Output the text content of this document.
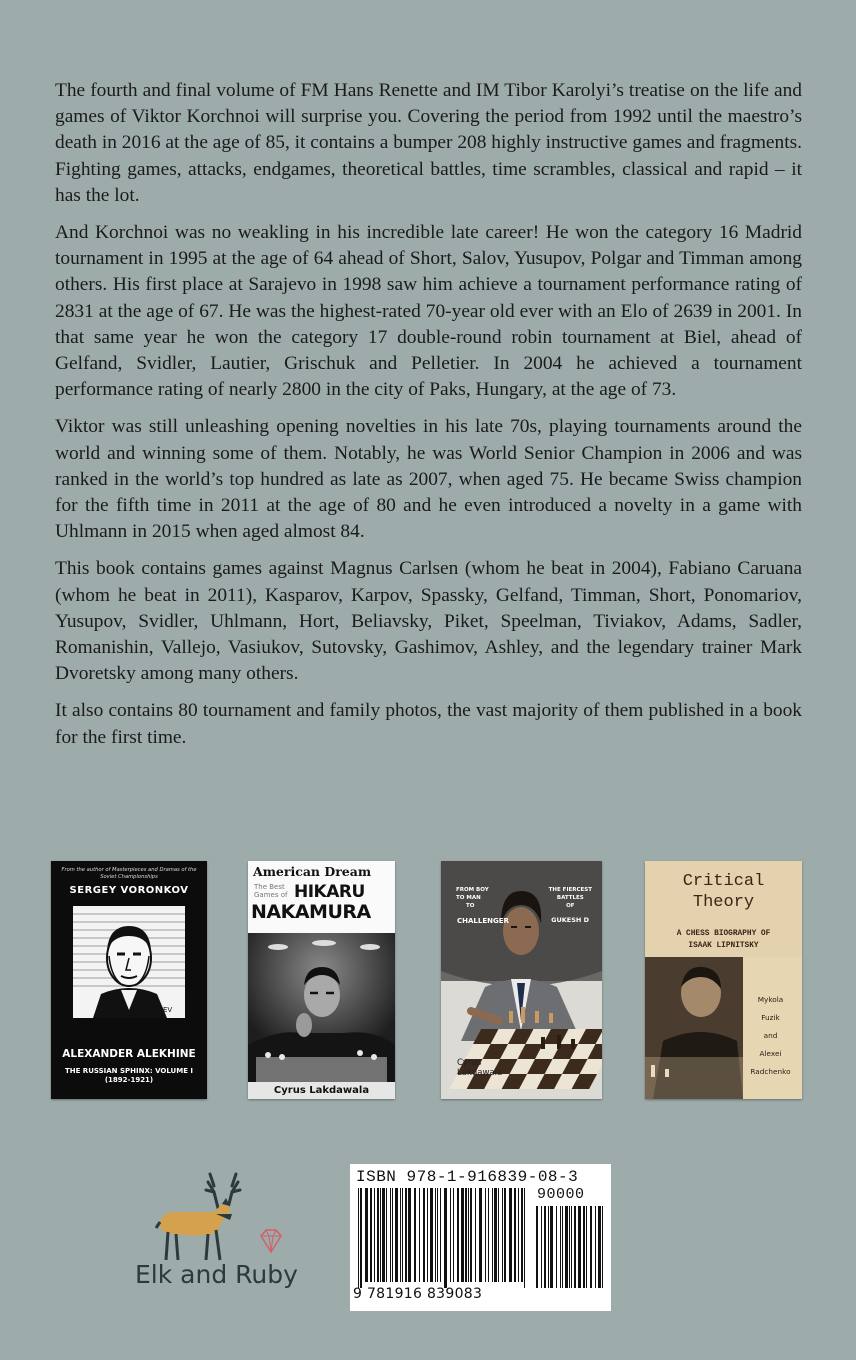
The fourth and final volume of FM Hans Renette and IM Tibor Karolyi’s treatise on the life and games of Viktor Korchnoi will surprise you. Covering the period from 1992 until the maestro’s death in 2016 at the age of 85, it contains a bumper 208 highly instructive games and fragments. Fighting games, attacks, endgames, theoretical battles, time scrambles, classical and rapid – it has the lot.

And Korchnoi was no weakling in his incredible late career! He won the category 16 Madrid tournament in 1995 at the age of 64 ahead of Short, Salov, Yusupov, Polgar and Timman among others. His first place at Sarajevo in 1998 saw him achieve a tournament performance rating of 2831 at the age of 67. He was the highest-rated 70-year old ever with an Elo of 2639 in 2001. In that same year he won the category 17 double-round robin tournament at Biel, ahead of Gelfand, Svidler, Lautier, Grischuk and Pelletier. In 2004 he achieved a tournament performance rating of nearly 2800 in the city of Paks, Hungary, at the age of 73.

Viktor was still unleashing opening novelties in his late 70s, playing tournaments around the world and winning some of them. Notably, he was World Senior Champion in 2006 and was ranked in the world’s top hundred as late as 2007, when aged 75. He became Swiss champion for the fifth time in 2011 at the age of 80 and he even introduced a novelty in a game with Uhlmann in 2015 when aged almost 84.

This book contains games against Magnus Carlsen (whom he beat in 2004), Fabiano Caruana (whom he beat in 2011), Kasparov, Karpov, Spassky, Gelfand, Timman, Short, Ponomariov, Yusupov, Svidler, Uhlmann, Hort, Beliavsky, Piket, Speelman, Tiviakov, Adams, Sadler, Romanishin, Vallejo, Vasiukov, Sutovsky, Gashimov, Ashley, and the legendary trainer Mark Dvoretsky among many others.

It also contains 80 tournament and family photos, the vast majority of them published in a book for the first time.

From the author of Masterpieces and Dramas of the Soviet Championships
SERGEY VORONKOV
EV
ALEXANDER ALEKHINE
THE RUSSIAN SPHINX: VOLUME I
(1892-1921)
American Dream
The Best
Games of HIKARU
NAKAMURA
Cyrus Lakdawala
FROM BOY
TO MAN
TO
CHALLENGER
THE FIERCEST
BATTLES
OF
GUKESH D
Cyrus
Lakdawala
Critical
Theory
A CHESS BIOGRAPHY OF
ISAAK LIPNITSKY
Mykola
Fuzik
and
Alexei
Radchenko
Elk and Ruby
ISBN 978-1-916839-08-3
90000
9 781916 839083
